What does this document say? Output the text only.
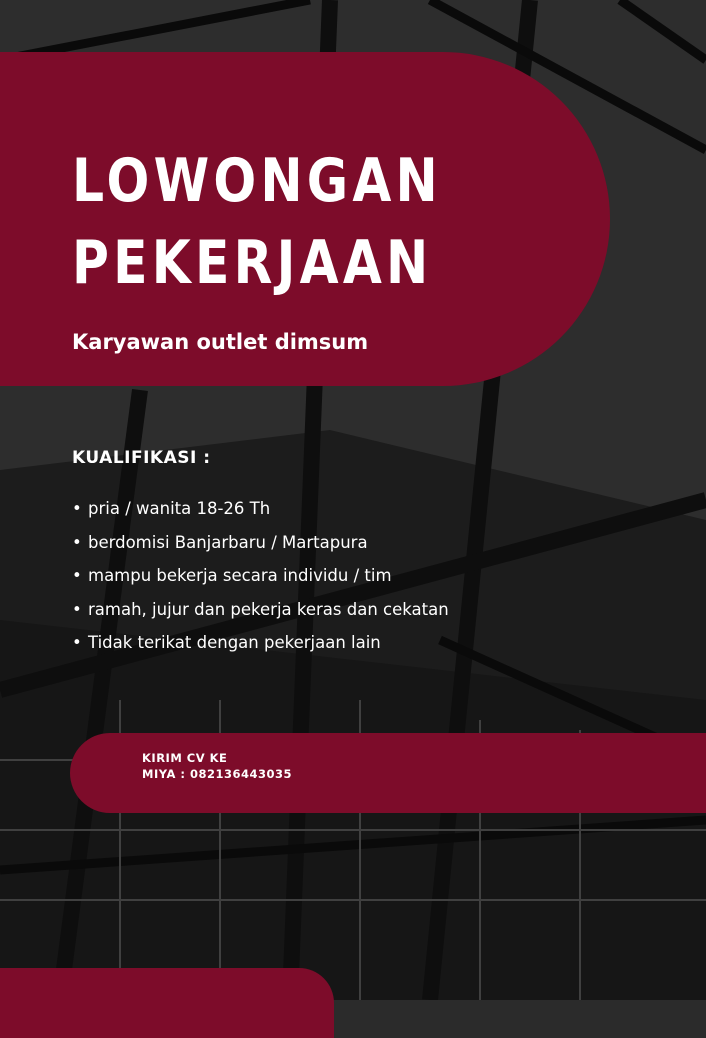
LOWONGAN
PEKERJAAN
Karyawan outlet dimsum
KUALIFIKASI :
• pria / wanita 18-26 Th
• berdomisi Banjarbaru / Martapura
• mampu bekerja secara individu / tim
• ramah, jujur dan pekerja keras dan cekatan
• Tidak terikat dengan pekerjaan lain
KIRIM CV KE
MIYA : 082136443035
